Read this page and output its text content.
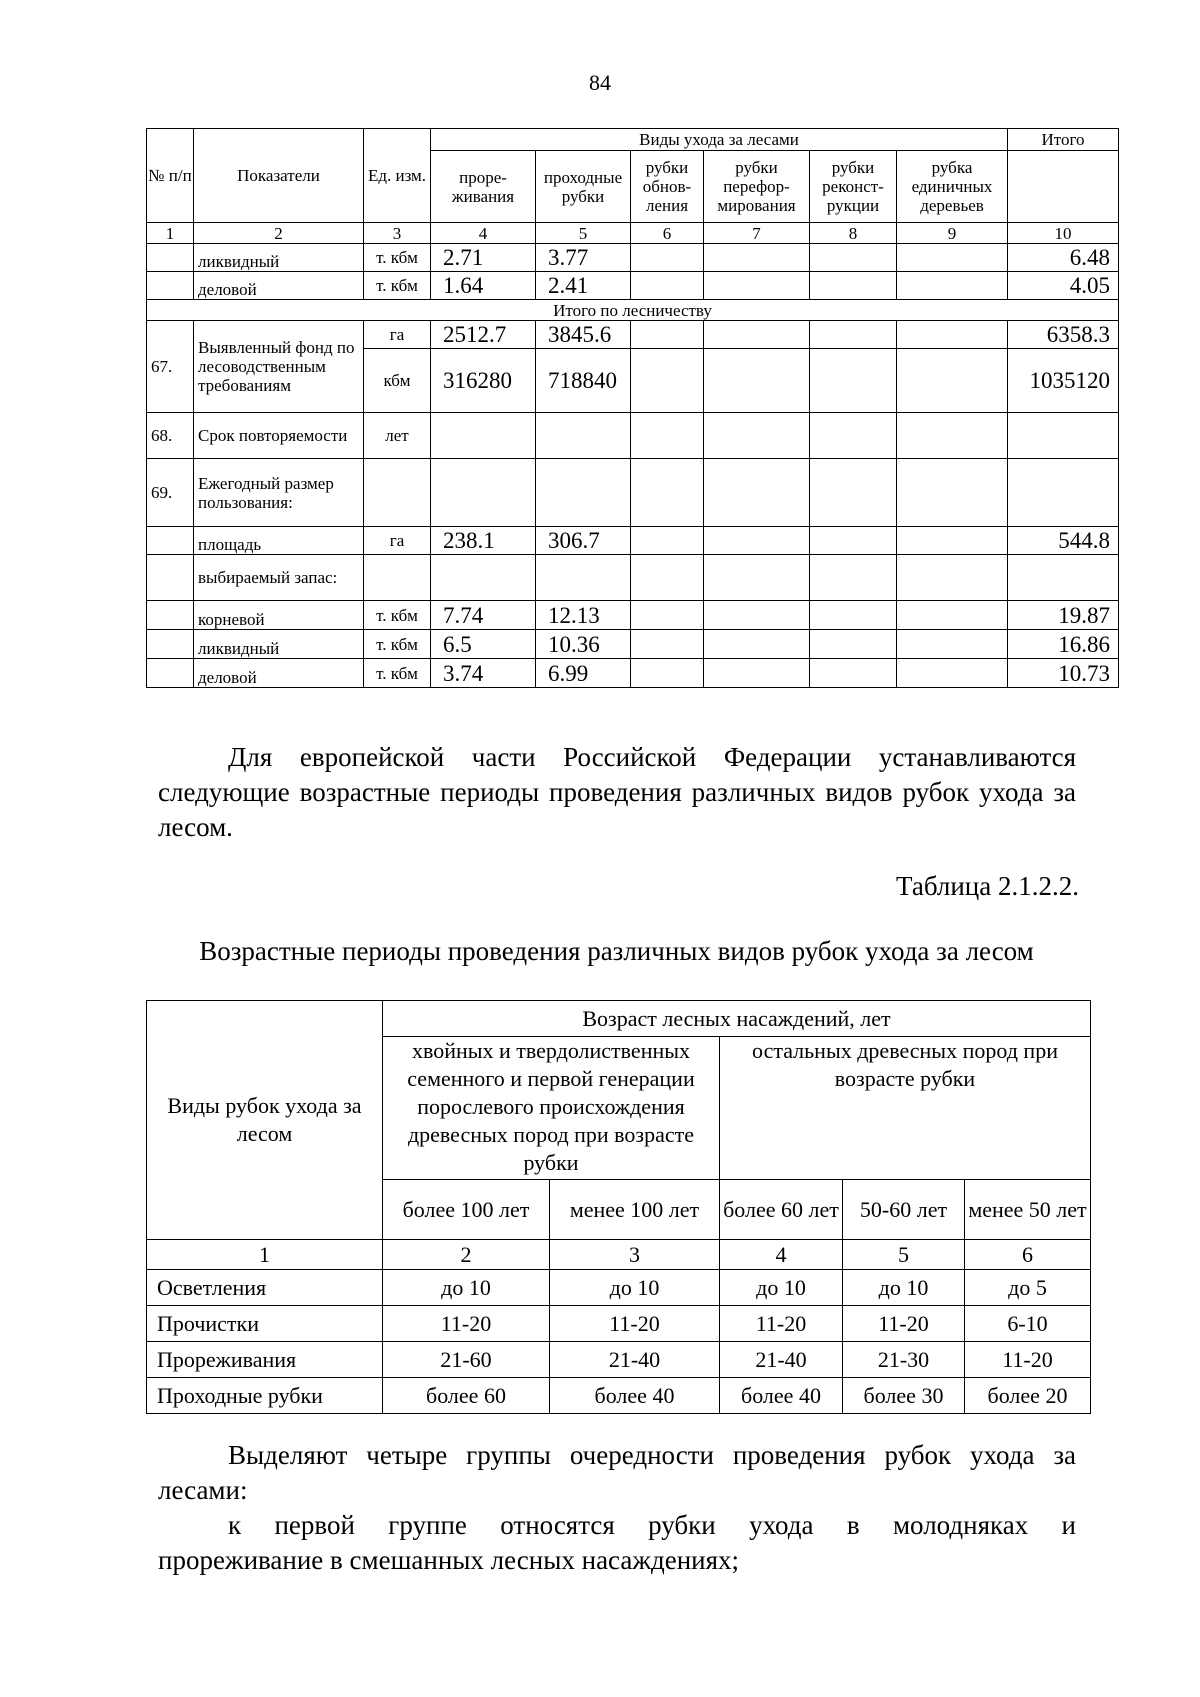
84
№ п/п	Показатели	Ед. изм.	Виды ухода за лесами						Итого
			проре-живания	проходные рубки	рубки обнов-ления	рубки перефор-мирования	рубки реконст-рукции	рубка единичных деревьев	
1	2	3	4	5	6	7	8	9	10
	ликвидный	т. кбм	2.71	3.77					6.48
	деловой	т. кбм	1.64	2.41					4.05
Итого по лесничеству									
67.	Выявленный фонд по лесоводственным требованиям	га	2512.7	3845.6					6358.3
		кбм	316280	718840					1035120
68.	Срок повторяемости	лет							
69.	Ежегодный размер пользования:								
	площадь	га	238.1	306.7					544.8
	выбираемый запас:								
	корневой	т. кбм	7.74	12.13					19.87
	ликвидный	т. кбм	6.5	10.36					16.86
	деловой	т. кбм	3.74	6.99					10.73
Для европейской части Российской Федерации устанавливаются следующие возрастные периоды проведения различных видов рубок ухода за лесом.
Таблица 2.1.2.2.
Возрастные периоды проведения различных видов рубок ухода за лесом
Виды рубок ухода за лесом	Возраст лесных насаждений, лет				
	хвойных и твердолиственных семенного и первой генерации порослевого происхождения древесных пород при возрасте рубки		остальных древесных пород при возрасте рубки		
	более 100 лет	менее 100 лет	более 60 лет	50-60 лет	менее 50 лет
1	2	3	4	5	6
Осветления	до 10	до 10	до 10	до 10	до 5
Прочистки	11-20	11-20	11-20	11-20	6-10
Прореживания	21-60	21-40	21-40	21-30	11-20
Проходные рубки	более 60	более 40	более 40	более 30	более 20
Выделяют четыре группы очередности проведения рубок ухода за
лесами:
к первой группе относятся рубки ухода в молодняках и
прореживание в смешанных лесных насаждениях;
